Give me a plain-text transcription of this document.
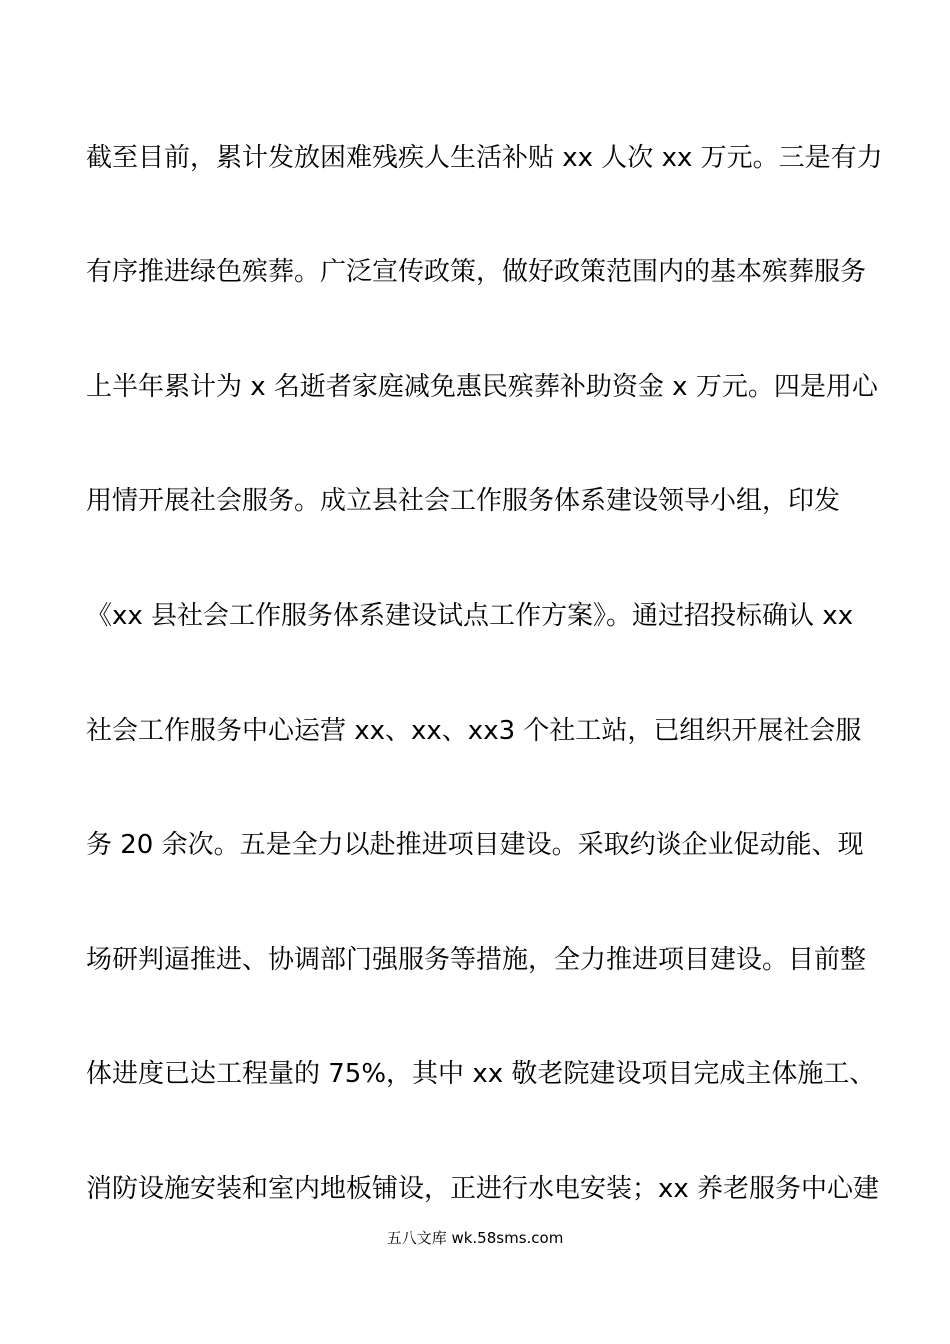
截至目前，累计发放困难残疾人生活补贴 xx 人次 xx 万元。三是有力
有序推进绿色殡葬。广泛宣传政策，做好政策范围内的基本殡葬服务
上半年累计为 x 名逝者家庭减免惠民殡葬补助资金 x 万元。四是用心
用情开展社会服务。成立县社会工作服务体系建设领导小组，印发
《xx 县社会工作服务体系建设试点工作方案》。通过招投标确认 xx
社会工作服务中心运营 xx、xx、xx3 个社工站，已组织开展社会服
务 20 余次。五是全力以赴推进项目建设。采取约谈企业促动能、现
场研判逼推进、协调部门强服务等措施，全力推进项目建设。目前整
体进度已达工程量的 75%，其中 xx 敬老院建设项目完成主体施工、
消防设施安装和室内地板铺设，正进行水电安装；xx 养老服务中心建
五八文库 wk.58sms.com
